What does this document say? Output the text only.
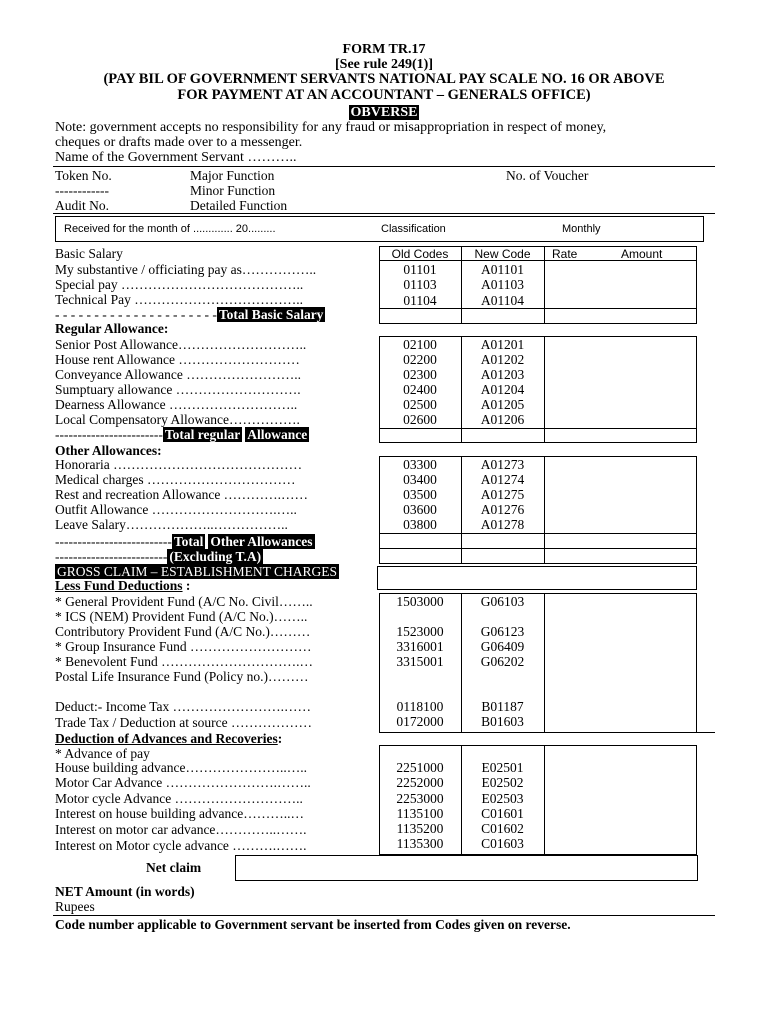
FORM TR.17
[See rule 249(1)]
(PAY BIL OF GOVERNMENT SERVANTS NATIONAL PAY SCALE NO. 16 OR ABOVE
FOR PAYMENT AT AN ACCOUNTANT – GENERALS OFFICE)
OBVERSE
Note: government accepts no responsibility for any fraud or misappropriation in respect of money,
cheques or drafts made over to a messenger.
Name of the Government Servant ………..
Token No.
------------
Audit No.
Major Function
Minor Function
Detailed Function
No. of Voucher
Received for the month of ............. 20.........	Classification	Monthly
Basic Salary	Old Codes	New Code	Rate	Amount
My substantive / officiating pay as……………..	01101	A01101
Special pay …………………………………..	01103	A01103
Technical Pay ………………………………..	01104	A01104
- - - - - - - - - - - - - - - - - - - - - Total Basic Salary
Regular Allowance:
Senior Post Allowance………………………..	02100	A01201
House rent Allowance ………………………	02200	A01202
Conveyance Allowance ……………………..	02300	A01203
Sumptuary allowance ……………………….	02400	A01204
Dearness Allowance ………………………..	02500	A01205
Local Compensatory Allowance…………….	02600	A01206
------------------------ Total regular Allowance
Other Allowances:
Honoraria ……………………………………	03300	A01273
Medical charges ……………………………	03400	A01274
Rest and recreation Allowance ………….……	03500	A01275
Outfit Allowance ……………………….…..	03600	A01276
Leave Salary………………..……………..	03800	A01278
-------------------------- Total Other Allowances
------------------------- (Excluding T.A)
GROSS CLAIM – ESTABLISHMENT CHARGES
Less Fund Deductions :
* General Provident Fund (A/C No. Civil……..	1503000	G06103
* ICS (NEM) Provident Fund (A/C No.)……..
Contributory Provident Fund (A/C No.)………	1523000	G06123
* Group Insurance Fund ………………………	3316001	G06409
* Benevolent Fund ………………………….…	3315001	G06202
Postal Life Insurance Fund (Policy no.)………
Deduct:- Income Tax …………………….……	0118100	B01187
Trade Tax / Deduction at source ………………	0172000	B01603
Deduction of Advances and Recoveries:
* Advance of pay
House building advance…………………..…..	2251000	E02501
Motor Car Advance …………………….……..	2252000	E02502
Motor cycle Advance ………………………..	2253000	E02503
Interest on house building advance………..…	1135100	C01601
Interest on motor car advance…………..…….	1135200	C01602
Interest on Motor cycle advance ……….…….	1135300	C01603
Net claim
NET Amount (in words)
Rupees
Code number applicable to Government servant be inserted from Codes given on reverse.
